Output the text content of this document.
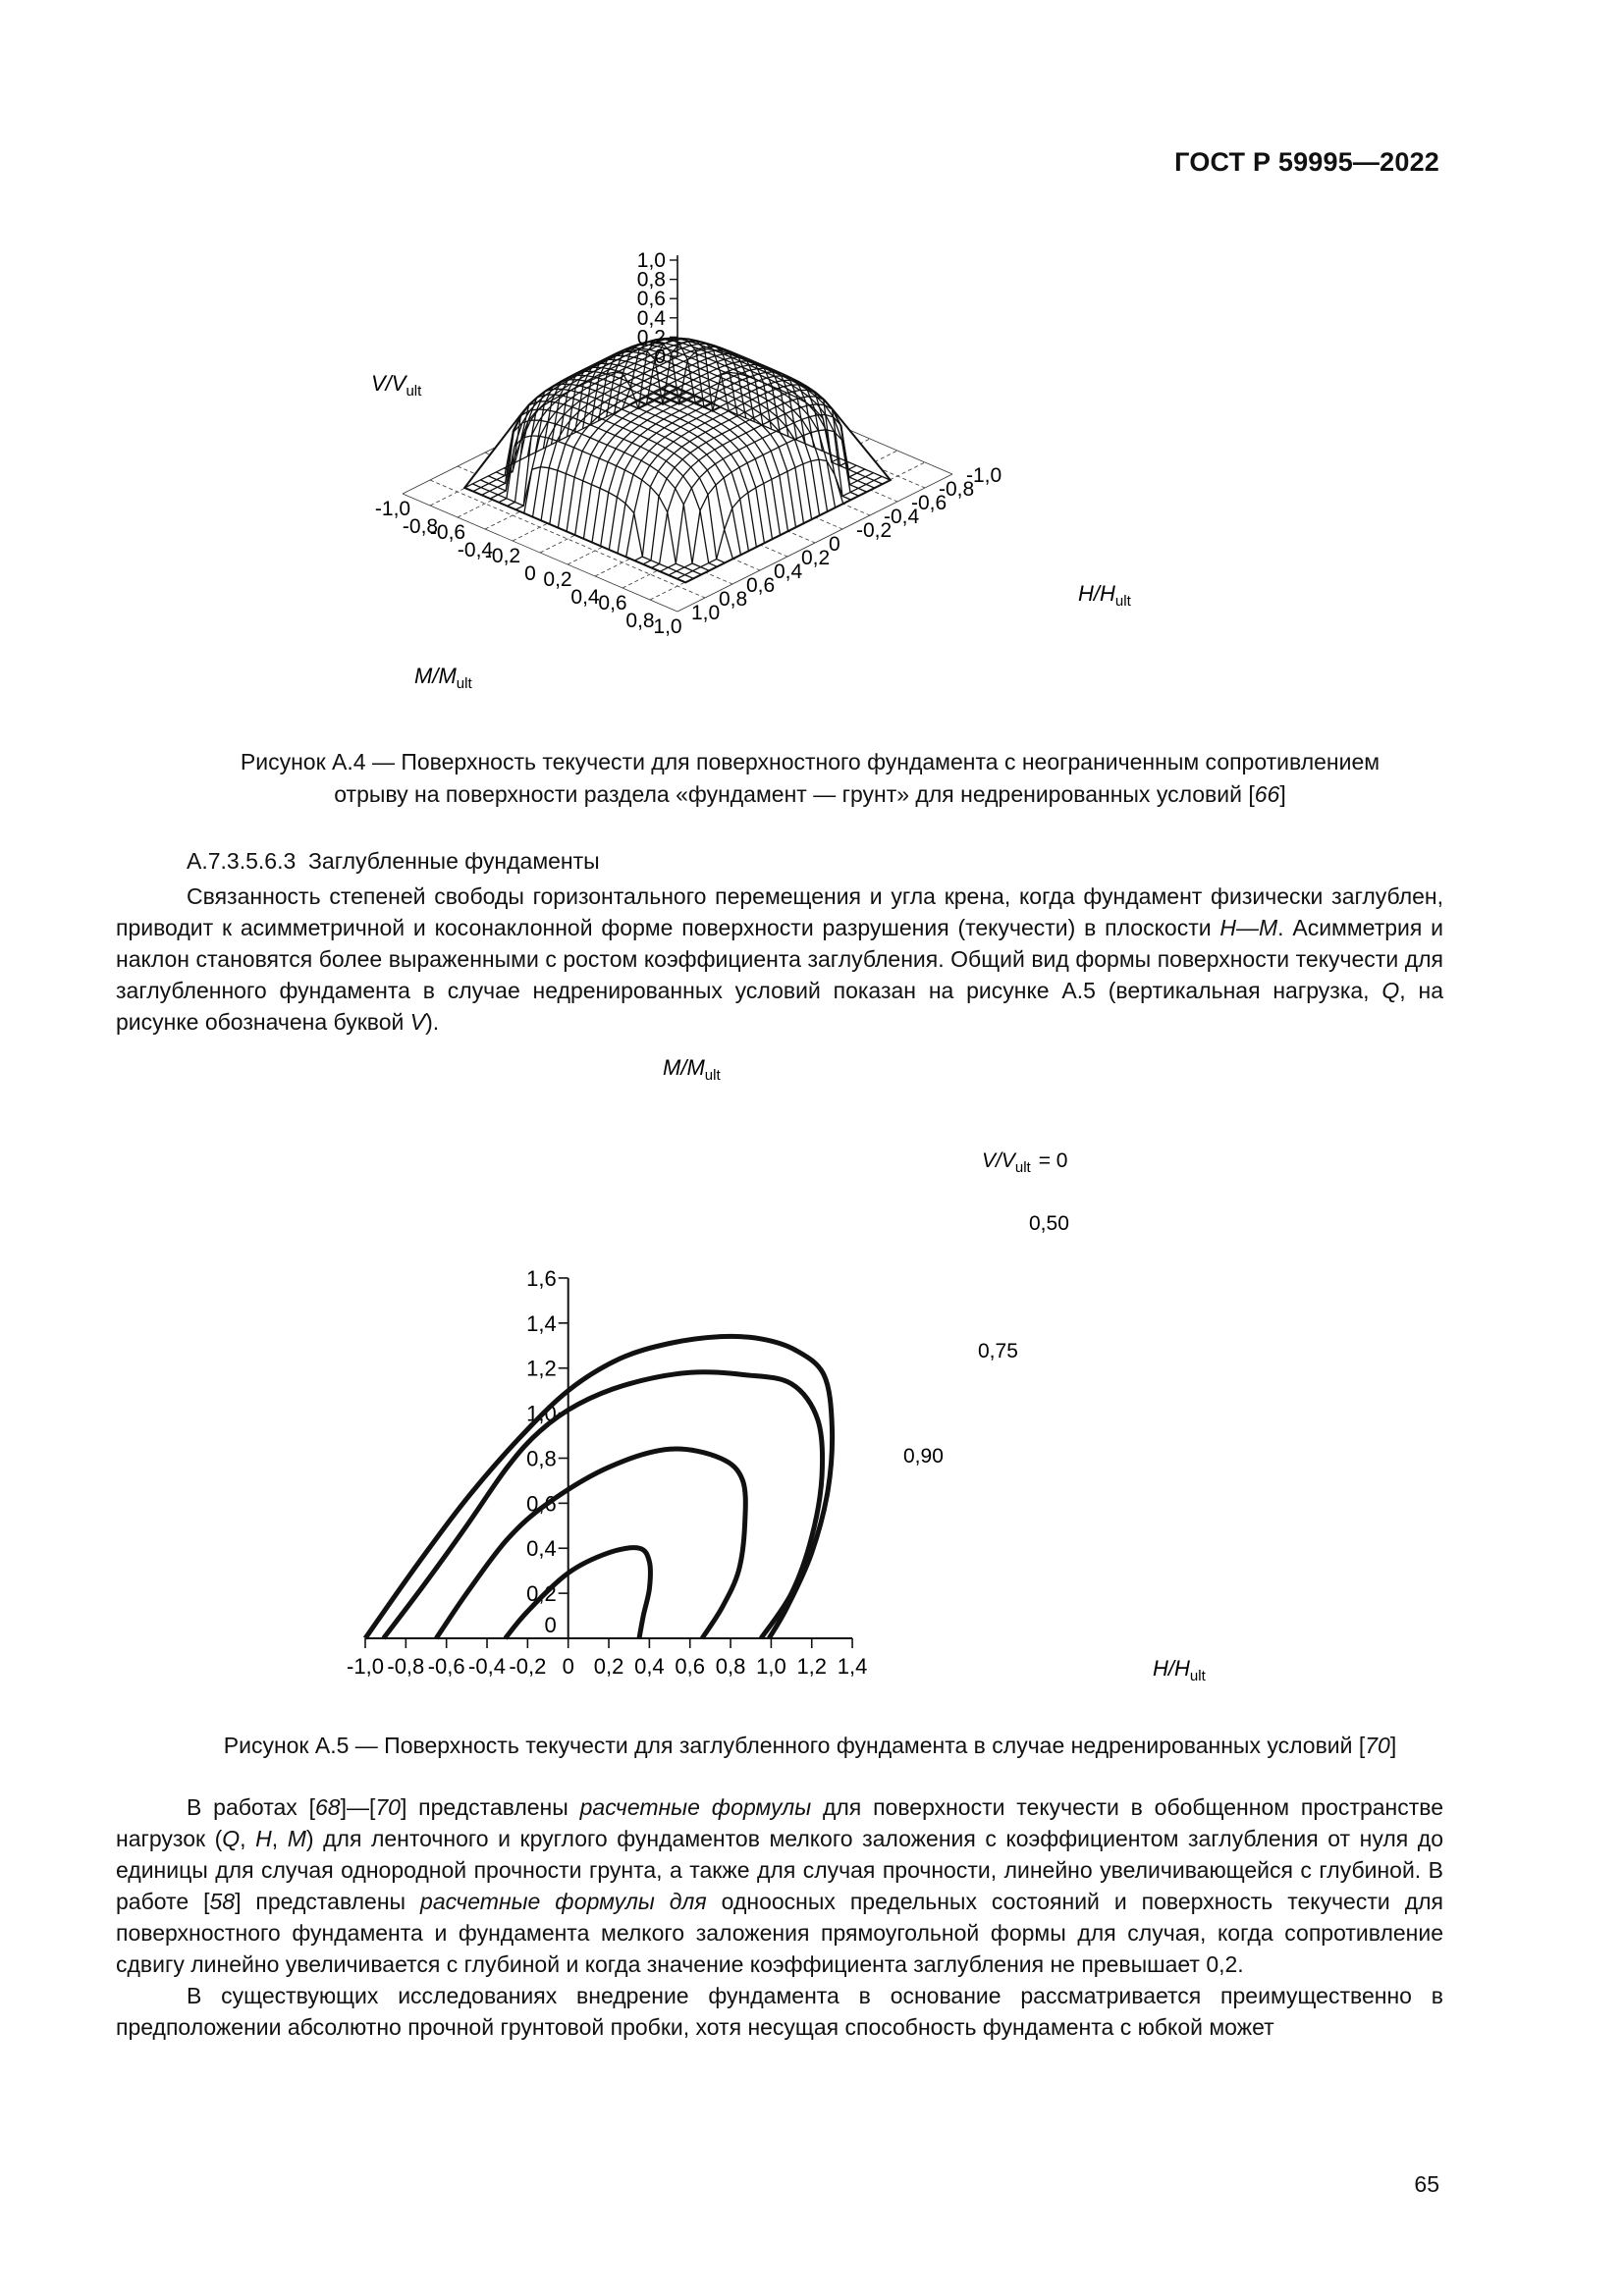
ГОСТ Р 59995—2022
1,0
0,8
0,6
0,4
0,2
0
-1,0
-0,8
-0,6
-0,4
-0,2
0 0,2
0,4
0,6
0,8
1,0
-1,0
-0,8
-0,6
-0,4
-0,2
0
0,2
0,4
0,6
0,8
1,0
$V/V_{ult}$
$M/M_{ult}$
$H/H_{ult}$
Рисунок А.4 — Поверхность текучести для поверхностного фундамента с неограниченным сопротивлением
отрыву на поверхности раздела «фундамент — грунт» для недренированных условий [66]
А.7.3.5.6.3 Заглубленные фундаменты

Связанность степеней свободы горизонтального перемещения и угла крена, когда фундамент физически заглублен, приводит к асимметричной и косонаклонной форме поверхности разрушения (текучести) в плоскости H—M. Асимметрия и наклон становятся более выраженными с ростом коэффициента заглубления. Общий вид формы поверхности текучести для заглубленного фундамента в случае недренированных условий показан на рисунке А.5 (вертикальная нагрузка, Q, на рисунке обозначена буквой V).

-1,0 -0,8 -0,6 -0,4 -0,2 0 0,2 0,4 0,6 0,8 1,0 1,2 1,4
0
0,2
0,4
0,6
0,8
1,0
1,2
1,4
1,6
$M/M_{ult}$
$H/H_{ult}$
$V/V_{ult} = 0$
0,50
0,75
0,90
Рисунок А.5 — Поверхность текучести для заглубленного фундамента в случае недренированных условий [70]

В работах [68]—[70] представлены расчетные формулы для поверхности текучести в обобщенном пространстве нагрузок (Q, H, M) для ленточного и круглого фундаментов мелкого заложения с коэффициентом заглубления от нуля до единицы для случая однородной прочности грунта, а также для случая прочности, линейно увеличивающейся с глубиной. В работе [58] представлены расчетные формулы для одноосных предельных состояний и поверхность текучести для поверхностного фундамента и фундамента мелкого заложения прямоугольной формы для случая, когда сопротивление сдвигу линейно увеличивается с глубиной и когда значение коэффициента заглубления не превышает 0,2.

В существующих исследованиях внедрение фундамента в основание рассматривается преимущественно в предположении абсолютно прочной грунтовой пробки, хотя несущая способность фундамента с юбкой может

65
